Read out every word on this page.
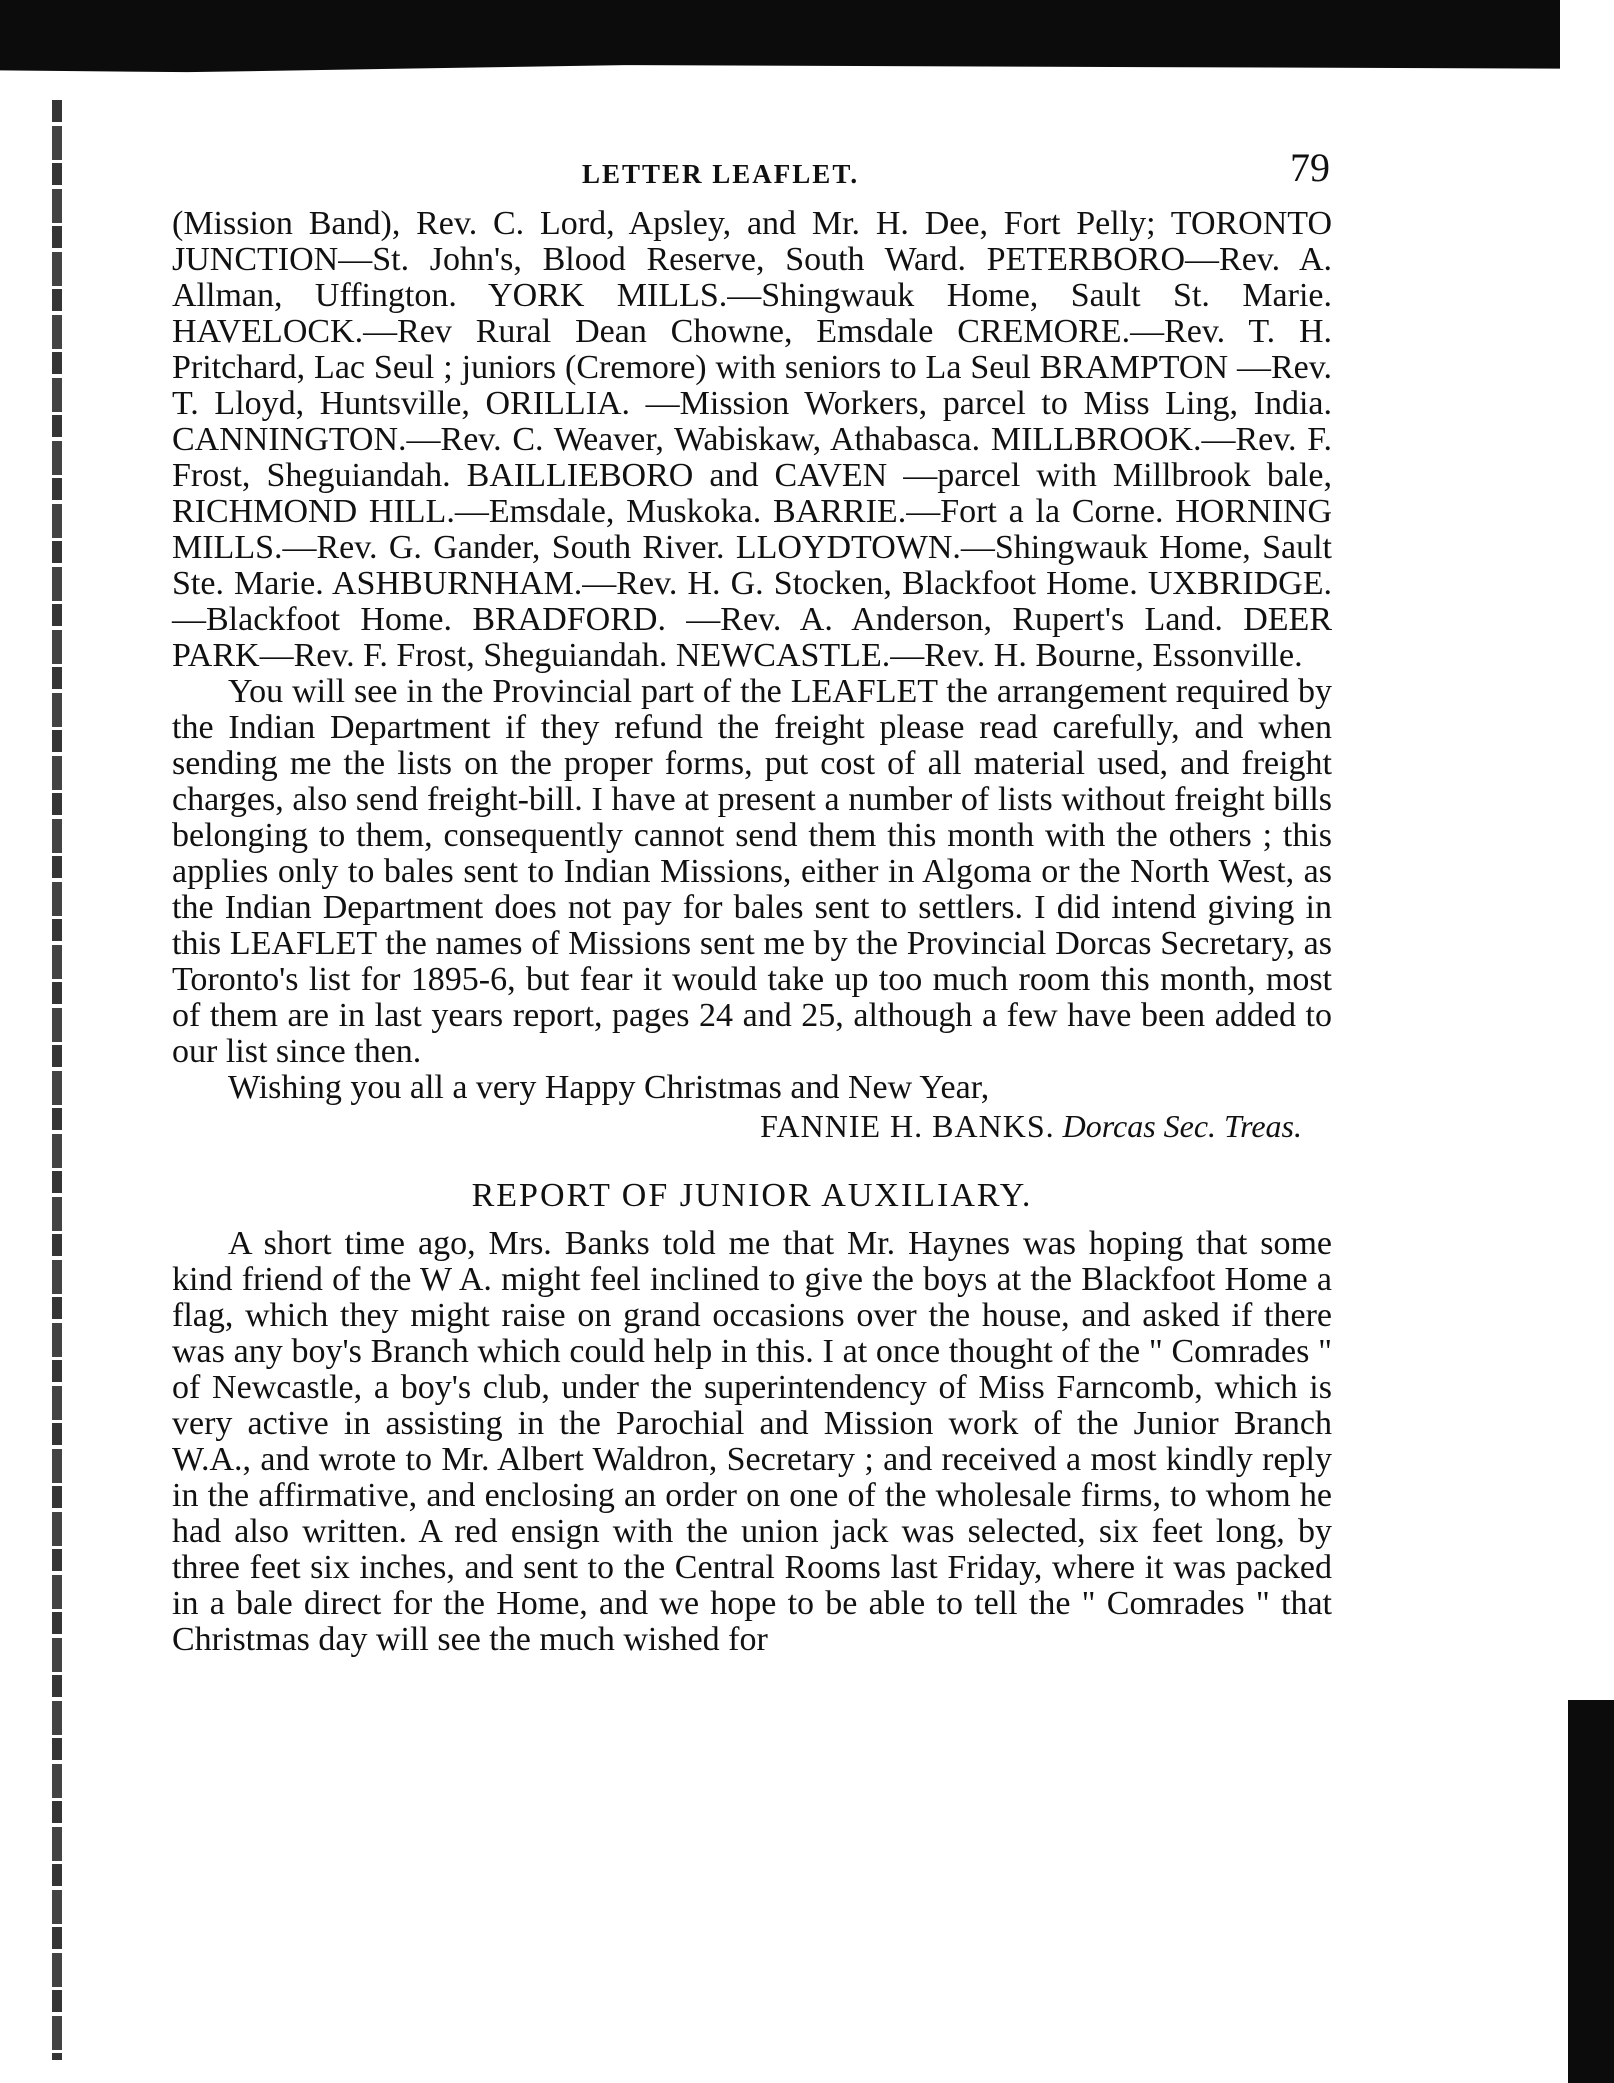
LETTER LEAFLET.	79

(Mission Band), Rev. C. Lord, Apsley, and Mr. H. Dee, Fort Pelly; TORONTO JUNCTION—St. John's, Blood Reserve, South Ward. PETERBORO—Rev. A. Allman, Uffington. YORK MILLS.—Shingwauk Home, Sault St. Marie. HAVELOCK.—Rev Rural Dean Chowne, Emsdale CREMORE.—Rev. T. H. Pritchard, Lac Seul ; juniors (Cremore) with seniors to La Seul BRAMPTON —Rev. T. Lloyd, Huntsville, ORILLIA. —Mission Workers, parcel to Miss Ling, India. CANNINGTON.—Rev. C. Weaver, Wabiskaw, Athabasca. MILLBROOK.—Rev. F. Frost, Sheguiandah. BAILLIEBORO and CAVEN —parcel with Millbrook bale, RICHMOND HILL.—Emsdale, Muskoka. BARRIE.—Fort a la Corne. HORNING MILLS.—Rev. G. Gander, South River. LLOYDTOWN.—Shingwauk Home, Sault Ste. Marie. ASHBURNHAM.—Rev. H. G. Stocken, Blackfoot Home. UXBRIDGE.—Blackfoot Home. BRADFORD. —Rev. A. Anderson, Rupert's Land. DEER PARK—Rev. F. Frost, Sheguiandah. NEWCASTLE.—Rev. H. Bourne, Essonville.

You will see in the Provincial part of the LEAFLET the arrangement required by the Indian Department if they refund the freight please read carefully, and when sending me the lists on the proper forms, put cost of all material used, and freight charges, also send freight-bill. I have at present a number of lists without freight bills belonging to them, consequently cannot send them this month with the others ; this applies only to bales sent to Indian Missions, either in Algoma or the North West, as the Indian Department does not pay for bales sent to settlers. I did intend giving in this LEAFLET the names of Missions sent me by the Provincial Dorcas Secretary, as Toronto's list for 1895-6, but fear it would take up too much room this month, most of them are in last years report, pages 24 and 25, although a few have been added to our list since then.

Wishing you all a very Happy Christmas and New Year,

FANNIE H. BANKS. Dorcas Sec. Treas.
REPORT OF JUNIOR AUXILIARY.

A short time ago, Mrs. Banks told me that Mr. Haynes was hoping that some kind friend of the W A. might feel inclined to give the boys at the Blackfoot Home a flag, which they might raise on grand occasions over the house, and asked if there was any boy's Branch which could help in this. I at once thought of the " Comrades " of Newcastle, a boy's club, under the superintendency of Miss Farncomb, which is very active in assisting in the Parochial and Mission work of the Junior Branch W.A., and wrote to Mr. Albert Waldron, Secretary ; and received a most kindly reply in the affirmative, and enclosing an order on one of the wholesale firms, to whom he had also written. A red ensign with the union jack was selected, six feet long, by three feet six inches, and sent to the Central Rooms last Friday, where it was packed in a bale direct for the Home, and we hope to be able to tell the " Comrades " that Christmas day will see the much wished for
